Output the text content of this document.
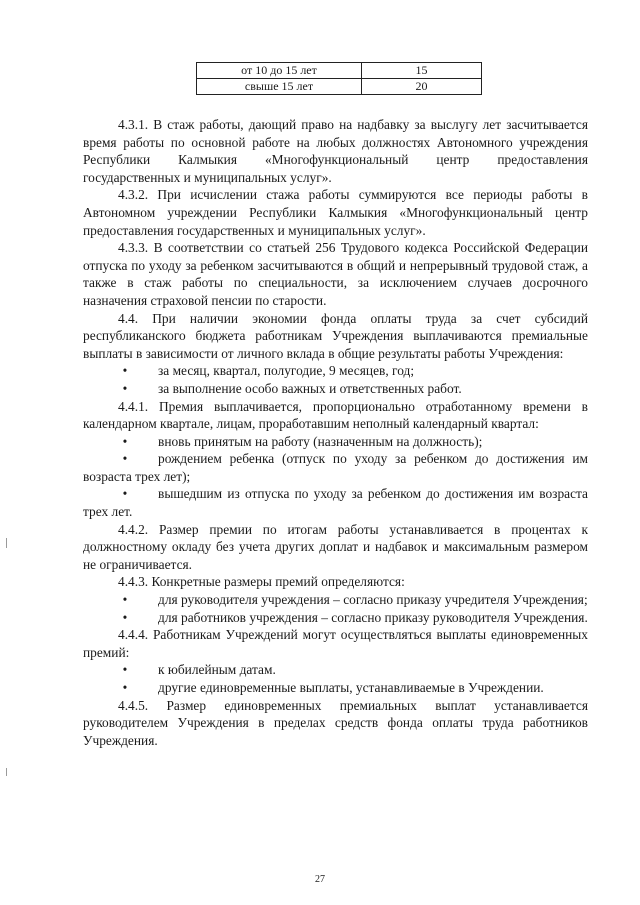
от 10 до 15 лет	15
свыше 15 лет	20

4.3.1. В стаж работы, дающий право на надбавку за выслугу лет засчитывается время работы по основной работе на любых должностях Автономного учреждения Республики Калмыкия «Многофункциональный центр предоставления государственных и муниципальных услуг».

4.3.2. При исчислении стажа работы суммируются все периоды работы в Автономном учреждении Республики Калмыкия «Многофункциональный центр предоставления государственных и муниципальных услуг».

4.3.3. В соответствии со статьей 256 Трудового кодекса Российской Федерации отпуска по уходу за ребенком засчитываются в общий и непрерывный трудовой стаж, а также в стаж работы по специальности, за исключением случаев досрочного назначения страховой пенсии по старости.

4.4. При наличии экономии фонда оплаты труда за счет субсидий республиканского бюджета работникам Учреждения выплачиваются премиальные выплаты в зависимости от личного вклада в общие результаты работы Учреждения:

• за месяц, квартал, полугодие, 9 месяцев, год;

• за выполнение особо важных и ответственных работ.

4.4.1. Премия выплачивается, пропорционально отработанному времени в календарном квартале, лицам, проработавшим неполный календарный квартал:

• вновь принятым на работу (назначенным на должность);

• рождением ребенка (отпуск по уходу за ребенком до достижения им возраста трех лет);

• вышедшим из отпуска по уходу за ребенком до достижения им возраста трех лет.

4.4.2. Размер премии по итогам работы устанавливается в процентах к должностному окладу без учета других доплат и надбавок и максимальным размером не ограничивается.

4.4.3. Конкретные размеры премий определяются:

• для руководителя учреждения – согласно приказу учредителя Учреждения;

• для работников учреждения – согласно приказу руководителя Учреждения.

4.4.4. Работникам Учреждений могут осуществляться выплаты единовременных премий:

• к юбилейным датам.

• другие единовременные выплаты, устанавливаемые в Учреждении.

4.4.5. Размер единовременных премиальных выплат устанавливается руководителем Учреждения в пределах средств фонда оплаты труда работников Учреждения.

27
